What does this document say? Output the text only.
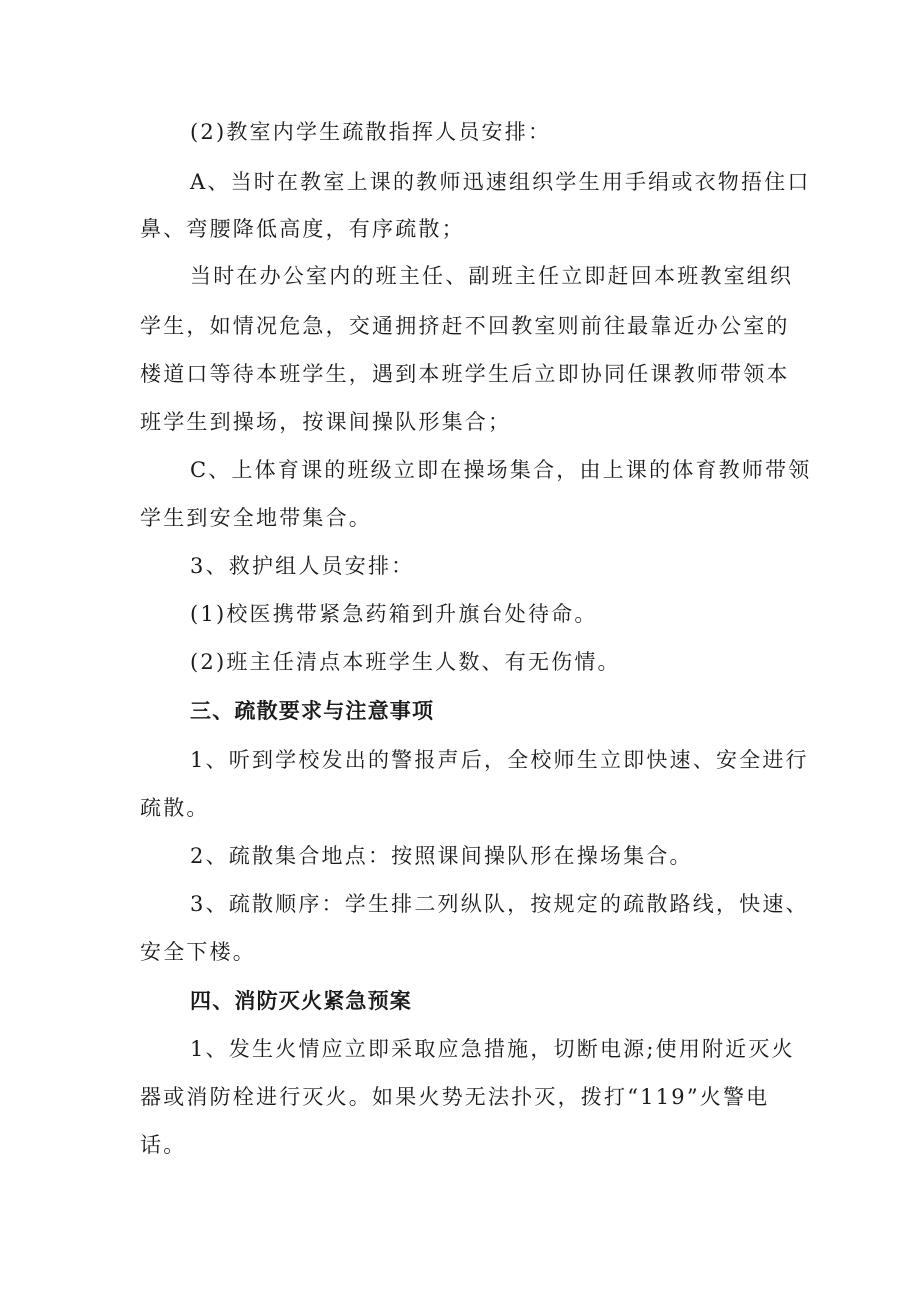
(2)教室内学生疏散指挥人员安排：
A、当时在教室上课的教师迅速组织学生用手绢或衣物捂住口
鼻、弯腰降低高度，有序疏散；
当时在办公室内的班主任、副班主任立即赶回本班教室组织
学生，如情况危急，交通拥挤赶不回教室则前往最靠近办公室的
楼道口等待本班学生，遇到本班学生后立即协同任课教师带领本
班学生到操场，按课间操队形集合；
C、上体育课的班级立即在操场集合，由上课的体育教师带领
学生到安全地带集合。
3、救护组人员安排：
(1)校医携带紧急药箱到升旗台处待命。
(2)班主任清点本班学生人数、有无伤情。
三、疏散要求与注意事项
1、听到学校发出的警报声后，全校师生立即快速、安全进行
疏散。
2、疏散集合地点：按照课间操队形在操场集合。
3、疏散顺序：学生排二列纵队，按规定的疏散路线，快速、
安全下楼。
四、消防灭火紧急预案
1、发生火情应立即采取应急措施，切断电源;使用附近灭火
器或消防栓进行灭火。如果火势无法扑灭，拨打“119”火警电
话。
